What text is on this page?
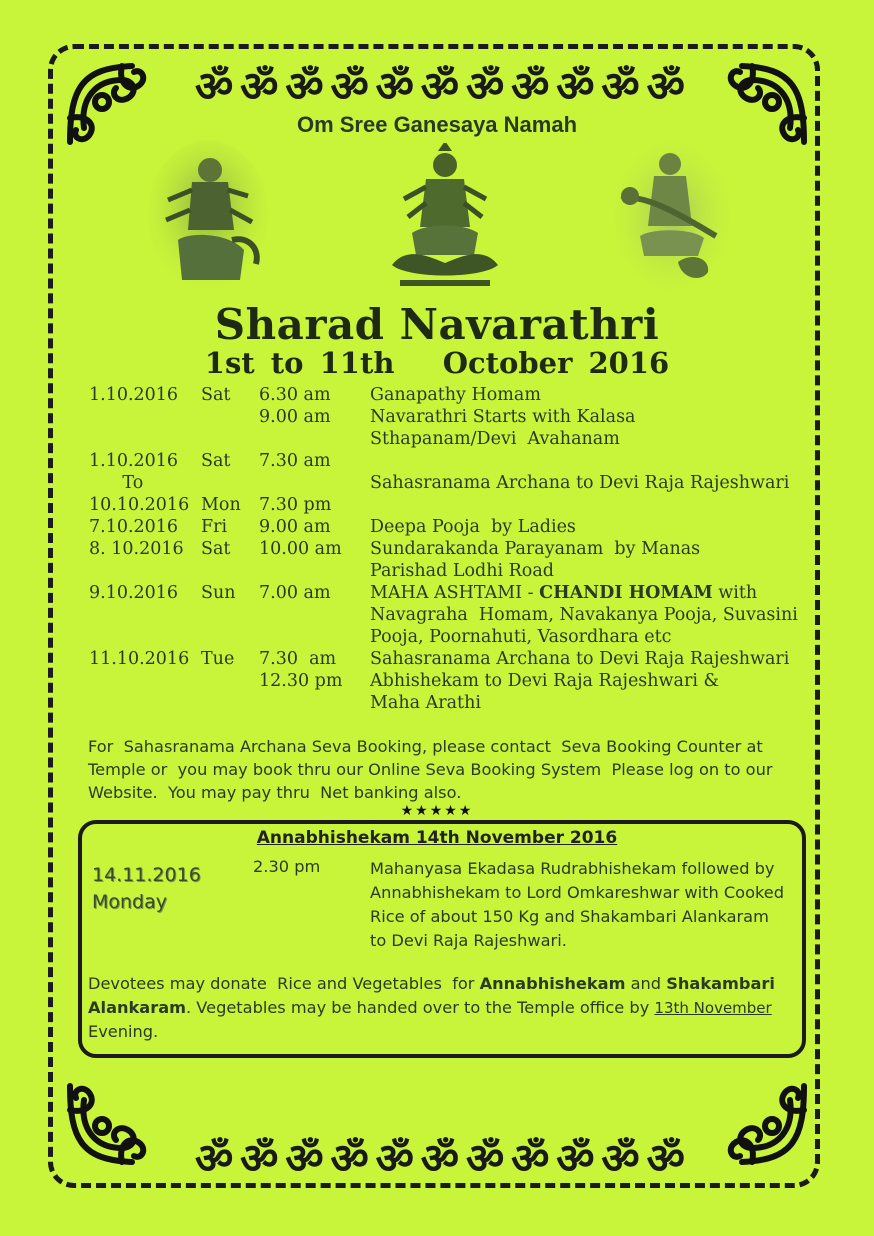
ॐ ॐ ॐ ॐ ॐ ॐ ॐ ॐ ॐ ॐ ॐ
Om Sree Ganesaya Namah
Sharad Navarathri
1st to 11th   October 2016
1.10.2016 Sat 6.30 am Ganapathy Homam
9.00 am Navarathri Starts with Kalasa
Sthapanam/Devi  Avahanam
1.10.2016 Sat 7.30 am
To	Sahasranama Archana to Devi Raja Rajeshwari
10.10.2016 Mon 7.30 pm
7.10.2016 Fri 9.00 am Deepa Pooja  by Ladies
8. 10.2016 Sat 10.00 am Sundarakanda Parayanam  by Manas
Parishad Lodhi Road
9.10.2016 Sun 7.00 am MAHA ASHTAMI - CHANDI HOMAM with
Navagraha  Homam, Navakanya Pooja, Suvasini
Pooja, Poornahuti, Vasordhara etc
11.10.2016 Tue 7.30  am Sahasranama Archana to Devi Raja Rajeshwari
12.30 pm Abhishekam to Devi Raja Rajeshwari &
Maha Arathi
For  Sahasranama Archana Seva Booking, please contact  Seva Booking Counter at Temple or  you may book thru our Online Seva Booking System  Please log on to our Website.  You may pay thru  Net banking also.
★★★★★
Annabhishekam 14th November 2016
14.11.2016
Monday
2.30 pm	Mahanyasa Ekadasa Rudrabhishekam followed by Annabhishekam to Lord Omkareshwar with Cooked Rice of about 150 Kg and Shakambari Alankaram to Devi Raja Rajeshwari.
Devotees may donate  Rice and Vegetables  for Annabhishekam and Shakambari Alankaram. Vegetables may be handed over to the Temple office by 13th November Evening.
ॐ ॐ ॐ ॐ ॐ ॐ ॐ ॐ ॐ ॐ ॐ
